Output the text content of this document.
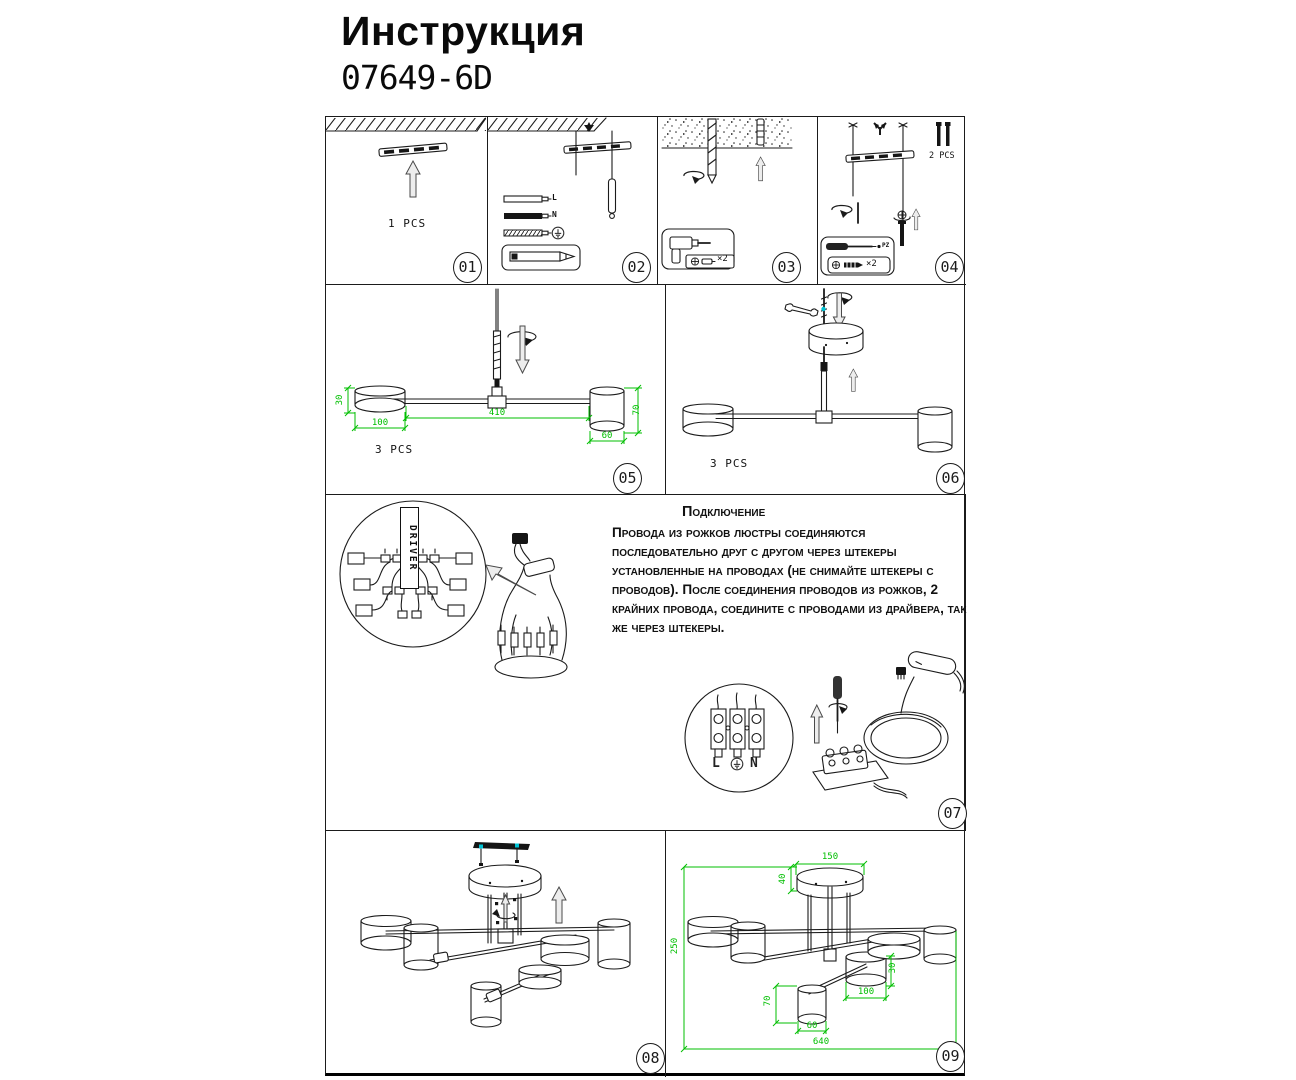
Инструкция
07649-6D
1 PCS
01
L
N
02	×2	03
2 PCS
PZ
×2	04
30
100
410	70
60
3 PCS
05
3 PCS
06
Подключение
Провода из рожков люстры соединяются последовательно друг с другом через штекеры установленные на проводах (не снимайте штекеры с проводов). После соединения проводов из рожков, 2 крайних провода, соедините с проводами из драйвера, так же через штекеры.
DRIVER
L N
07
08
150
40
250
640
100
30
70
60
09
